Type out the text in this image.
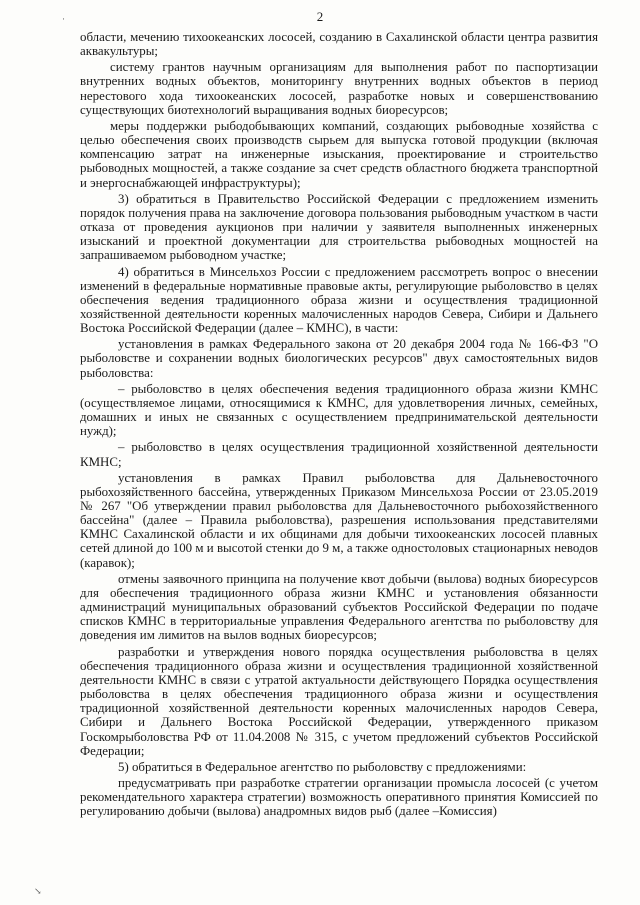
2

области, мечению тихоокеанских лососей, созданию в Сахалинской области центра развития аквакультуры;

систему грантов научным организациям для выполнения работ по паспортизации внутренних водных объектов, мониторингу внутренних водных объектов в период нерестового хода тихоокеанских лососей, разработке новых и совершенствованию существующих биотехнологий выращивания водных биоресурсов;

меры поддержки рыбодобывающих компаний, создающих рыбоводные хозяйства с целью обеспечения своих производств сырьем для выпуска готовой продукции (включая компенсацию затрат на инженерные изыскания, проектирование и строительство рыбоводных мощностей, а также создание за счет средств областного бюджета транспортной и энергоснабжающей инфраструктуры);

3) обратиться в Правительство Российской Федерации с предложением изменить порядок получения права на заключение договора пользования рыбоводным участком в части отказа от проведения аукционов при наличии у заявителя выполненных инженерных изысканий и проектной документации для строительства рыбоводных мощностей на запрашиваемом рыбоводном участке;

4) обратиться в Минсельхоз России с предложением рассмотреть вопрос о внесении изменений в федеральные нормативные правовые акты, регулирующие рыболовство в целях обеспечения ведения традиционного образа жизни и осуществления традиционной хозяйственной деятельности коренных малочисленных народов Севера, Сибири и Дальнего Востока Российской Федерации (далее – КМНС), в части:

установления в рамках Федерального закона от 20 декабря 2004 года № 166-ФЗ "О рыболовстве и сохранении водных биологических ресурсов" двух самостоятельных видов рыболовства:

– рыболовство в целях обеспечения ведения традиционного образа жизни КМНС (осуществляемое лицами, относящимися к КМНС, для удовлетворения личных, семейных, домашних и иных не связанных с осуществлением предпринимательской деятельности нужд);

– рыболовство в целях осуществления традиционной хозяйственной деятельности КМНС;

установления в рамках Правил рыболовства для Дальневосточного рыбохозяйственного бассейна, утвержденных Приказом Минсельхоза России от 23.05.2019 № 267 "Об утверждении правил рыболовства для Дальневосточного рыбохозяйственного бассейна" (далее – Правила рыболовства), разрешения использования представителями КМНС Сахалинской области и их общинами для добычи тихоокеанских лососей плавных сетей длиной до 100 м и высотой стенки до 9 м, а также одностоловых стационарных неводов (каравок);

отмены заявочного принципа на получение квот добычи (вылова) водных биоресурсов для обеспечения традиционного образа жизни КМНС и установления обязанности администраций муниципальных образований субъектов Российской Федерации по подаче списков КМНС в территориальные управления Федерального агентства по рыболовству для доведения им лимитов на вылов водных биоресурсов;

разработки и утверждения нового порядка осуществления рыболовства в целях обеспечения традиционного образа жизни и осуществления традиционной хозяйственной деятельности КМНС в связи с утратой актуальности действующего Порядка осуществления рыболовства в целях обеспечения традиционного образа жизни и осуществления традиционной хозяйственной деятельности коренных малочисленных народов Севера, Сибири и Дальнего Востока Российской Федерации, утвержденного приказом Госкомрыболовства РФ от 11.04.2008 № 315, с учетом предложений субъектов Российской Федерации;

5) обратиться в Федеральное агентство по рыболовству с предложениями:

предусматривать при разработке стратегии организации промысла лососей (с учетом рекомендательного характера стратегии) возможность оперативного принятия Комиссией по регулированию добычи (вылова) анадромных видов рыб (далее –Комиссия)

·
↘
